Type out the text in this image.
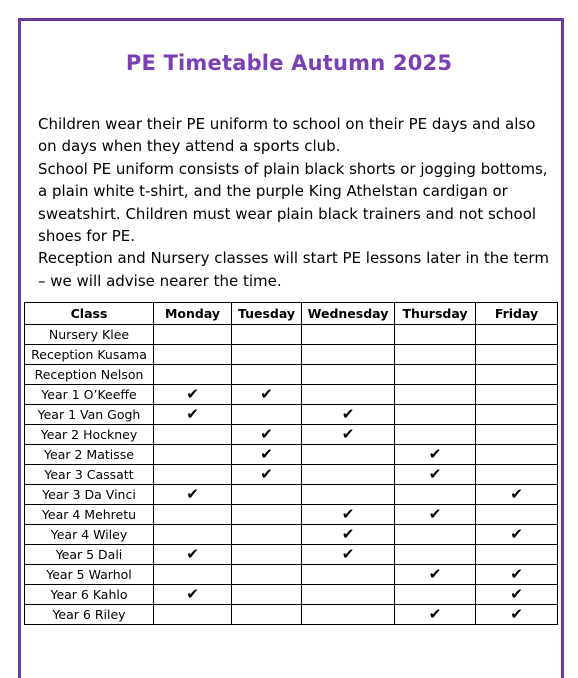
PE Timetable Autumn 2025

Children wear their PE uniform to school on their PE days and also on days when they attend a sports club.

School PE uniform consists of plain black shorts or jogging bottoms, a plain white t-shirt, and the purple King Athelstan cardigan or sweatshirt. Children must wear plain black trainers and not school shoes for PE.

Reception and Nursery classes will start PE lessons later in the term – we will advise nearer the time.

Class	Monday	Tuesday	Wednesday	Thursday	Friday
Nursery Klee					
Reception Kusama					
Reception Nelson					
Year 1 O’Keeffe	✔	✔			
Year 1 Van Gogh	✔		✔		
Year 2 Hockney		✔	✔		
Year 2 Matisse		✔		✔	
Year 3 Cassatt		✔		✔	
Year 3 Da Vinci	✔				✔
Year 4 Mehretu			✔	✔	
Year 4 Wiley			✔		✔
Year 5 Dali	✔		✔		
Year 5 Warhol				✔	✔
Year 6 Kahlo	✔				✔
Year 6 Riley				✔	✔
